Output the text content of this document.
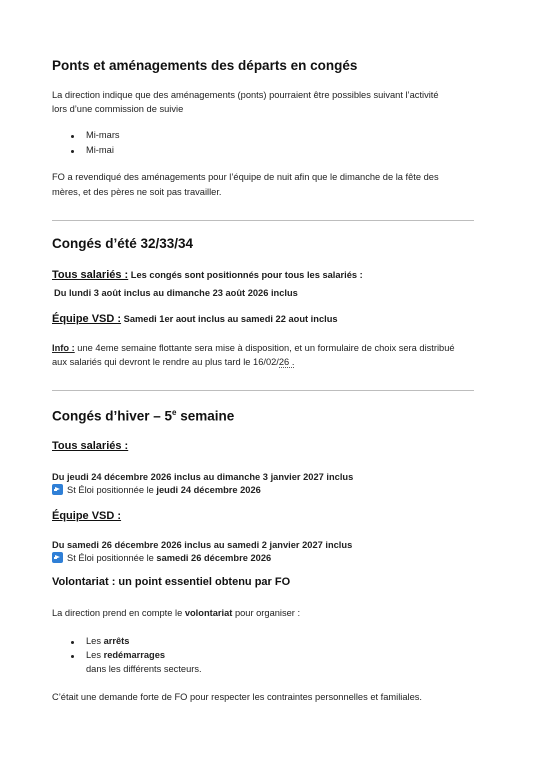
Ponts et aménagements des départs en congés
La direction indique que des aménagements (ponts) pourraient être possibles suivant l’activité
lors d’une commission de suivie
Mi-mars
Mi-mai
FO a revendiqué des aménagements pour l’équipe de nuit afin que le dimanche de la fête des
mères, et des pères ne soit pas travailler.
Congés d’été 32/33/34
Tous salariés : Les congés sont positionnés pour tous les salariés :
Du lundi 3 août inclus au dimanche 23 août 2026 inclus
Équipe VSD : Samedi 1er aout inclus au samedi 22 aout inclus
Info : une 4eme semaine flottante sera mise à disposition, et un formulaire de choix sera distribué
aux salariés qui devront le rendre au plus tard le 16/02/26 .
Congés d’hiver – 5e semaine
Tous salariés :
Du jeudi 24 décembre 2026 inclus au dimanche 3 janvier 2027 inclus
St Éloi positionnée le jeudi 24 décembre 2026
Équipe VSD :
Du samedi 26 décembre 2026 inclus au samedi 2 janvier 2027 inclus
St Éloi positionnée le samedi 26 décembre 2026
Volontariat : un point essentiel obtenu par FO
La direction prend en compte le volontariat pour organiser :
Les arrêts
Les redémarrages
dans les différents secteurs.
C’était une demande forte de FO pour respecter les contraintes personnelles et familiales.
